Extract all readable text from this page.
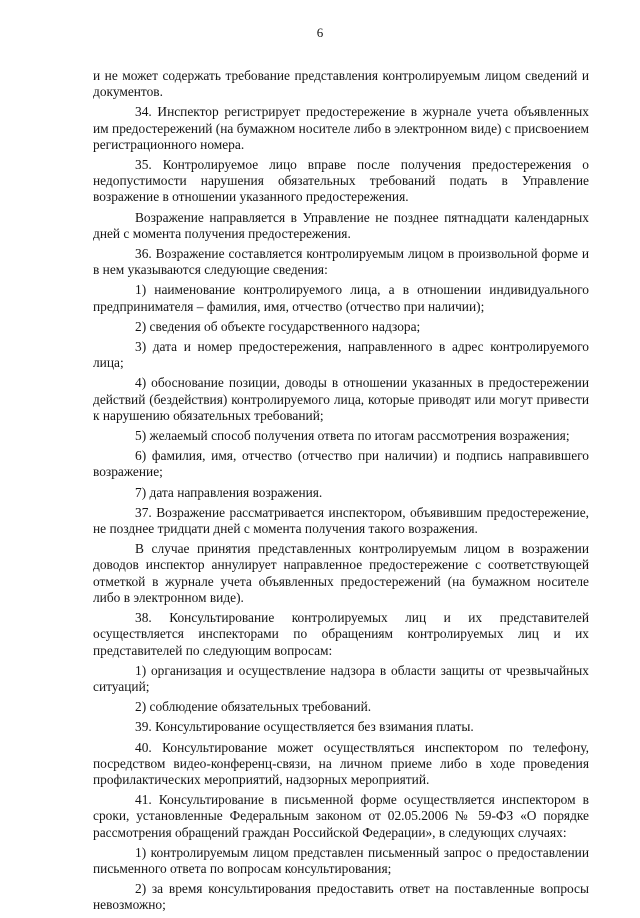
6

и не может содержать требование представления контролируемым лицом сведений и документов.

34. Инспектор регистрирует предостережение в журнале учета объявленных им предостережений (на бумажном носителе либо в электронном виде) с присвоением регистрационного номера.

35. Контролируемое лицо вправе после получения предостережения о недопустимости нарушения обязательных требований подать в Управление возражение в отношении указанного предостережения.

Возражение направляется в Управление не позднее пятнадцати календарных дней с момента получения предостережения.

36. Возражение составляется контролируемым лицом в произвольной форме и в нем указываются следующие сведения:

1) наименование контролируемого лица, а в отношении индивидуального предпринимателя – фамилия, имя, отчество (отчество при наличии);

2) сведения об объекте государственного надзора;

3) дата и номер предостережения, направленного в адрес контролируемого лица;

4) обоснование позиции, доводы в отношении указанных в предостережении действий (бездействия) контролируемого лица, которые приводят или могут привести к нарушению обязательных требований;

5) желаемый способ получения ответа по итогам рассмотрения возражения;

6) фамилия, имя, отчество (отчество при наличии) и подпись направившего возражение;

7) дата направления возражения.

37. Возражение рассматривается инспектором, объявившим предостережение, не позднее тридцати дней с момента получения такого возражения.

В случае принятия представленных контролируемым лицом в возражении доводов инспектор аннулирует направленное предостережение с соответствующей отметкой в журнале учета объявленных предостережений (на бумажном носителе либо в электронном виде).

38. Консультирование контролируемых лиц и их представителей осуществляется инспекторами по обращениям контролируемых лиц и их представителей по следующим вопросам:

1) организация и осуществление надзора в области защиты от чрезвычайных ситуаций;

2) соблюдение обязательных требований.

39. Консультирование осуществляется без взимания платы.

40. Консультирование может осуществляться инспектором по телефону, посредством видео-конференц-связи, на личном приеме либо в ходе проведения профилактических мероприятий, надзорных мероприятий.

41. Консультирование в письменной форме осуществляется инспектором в сроки, установленные Федеральным законом от 02.05.2006 № 59-ФЗ «О порядке рассмотрения обращений граждан Российской Федерации», в следующих случаях:

1) контролируемым лицом представлен письменный запрос о предоставлении письменного ответа по вопросам консультирования;

2) за время консультирования предоставить ответ на поставленные вопросы невозможно;
